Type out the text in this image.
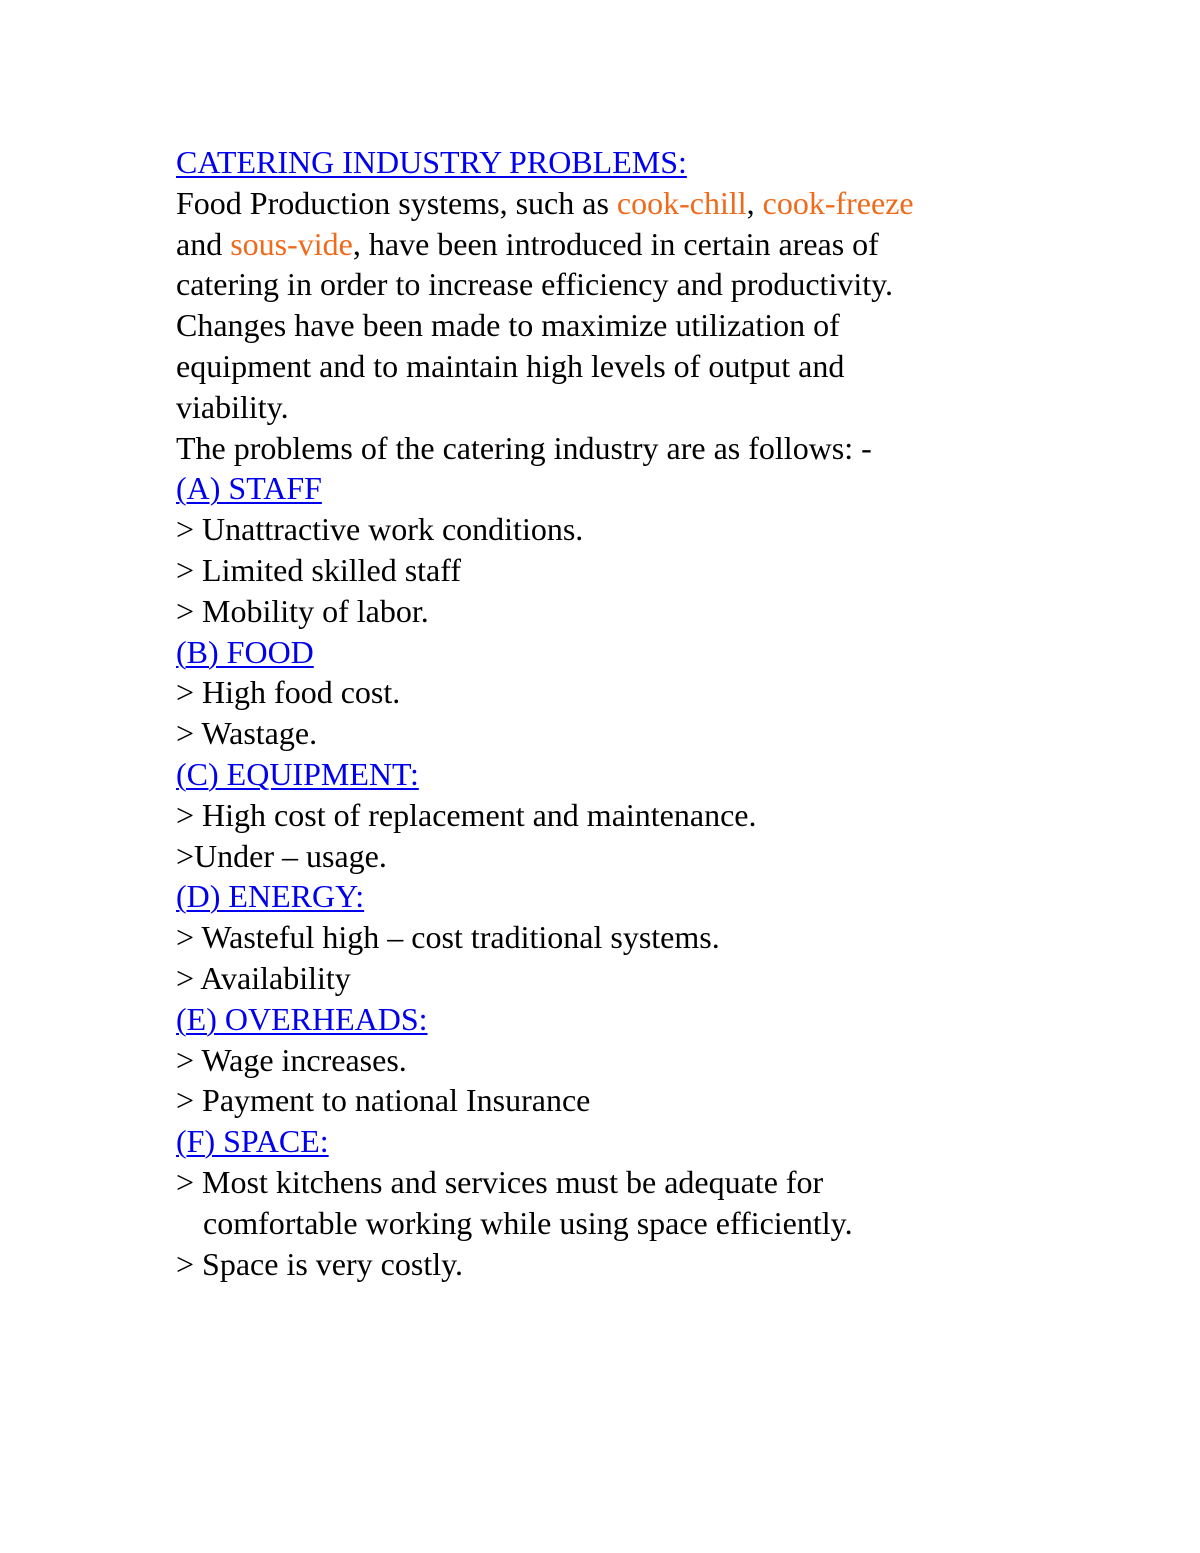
CATERING INDUSTRY PROBLEMS:
Food Production systems, such as cook-chill, cook-freeze
and sous-vide, have been introduced in certain areas of
catering in order to increase efficiency and productivity.
Changes have been made to maximize utilization of
equipment and to maintain high levels of output and
viability.
The problems of the catering industry are as follows: -
(A) STAFF
> Unattractive work conditions.
> Limited skilled staff
> Mobility of labor.
(B) FOOD
> High food cost.
> Wastage.
(C) EQUIPMENT:
> High cost of replacement and maintenance.
>Under – usage.
(D) ENERGY:
> Wasteful high – cost traditional systems.
> Availability
(E) OVERHEADS:
> Wage increases.
> Payment to national Insurance
(F) SPACE:
> Most kitchens and services must be adequate for
comfortable working while using space efficiently.
> Space is very costly.
